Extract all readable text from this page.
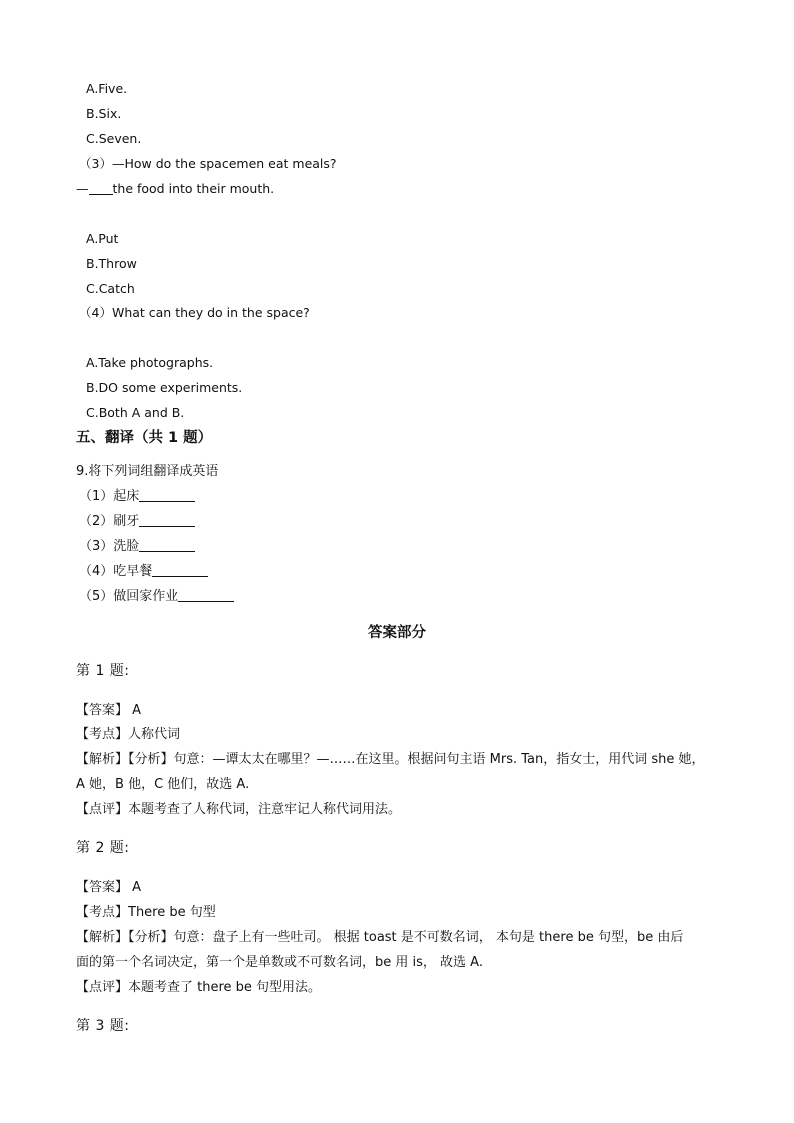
A.Five.
B.Six.
C.Seven.
（3）—How do the spacemen eat meals?
— the food into their mouth.
A.Put
B.Throw
C.Catch
（4）What can they do in the space?
A.Take photographs.
B.DO some experiments.
C.Both A and B.
五、翻译（共 1 题）
9.将下列词组翻译成英语
（1）起床
（2）刷牙
（3）洗脸
（4）吃早餐
（5）做回家作业
答案部分
第 1 题:
【答案】 A
【考点】人称代词
【解析】【分析】句意：—谭太太在哪里？—……在这里。根据问句主语 Mrs. Tan，指女士，用代词 she 她，
A 她，B 他，C 他们，故选 A.
【点评】本题考查了人称代词，注意牢记人称代词用法。
第 2 题:
【答案】 A
【考点】There be 句型
【解析】【分析】句意：盘子上有一些吐司。 根据 toast 是不可数名词， 本句是 there be 句型，be 由后
面的第一个名词决定，第一个是单数或不可数名词，be 用 is， 故选 A.
【点评】本题考查了 there be 句型用法。
第 3 题:
